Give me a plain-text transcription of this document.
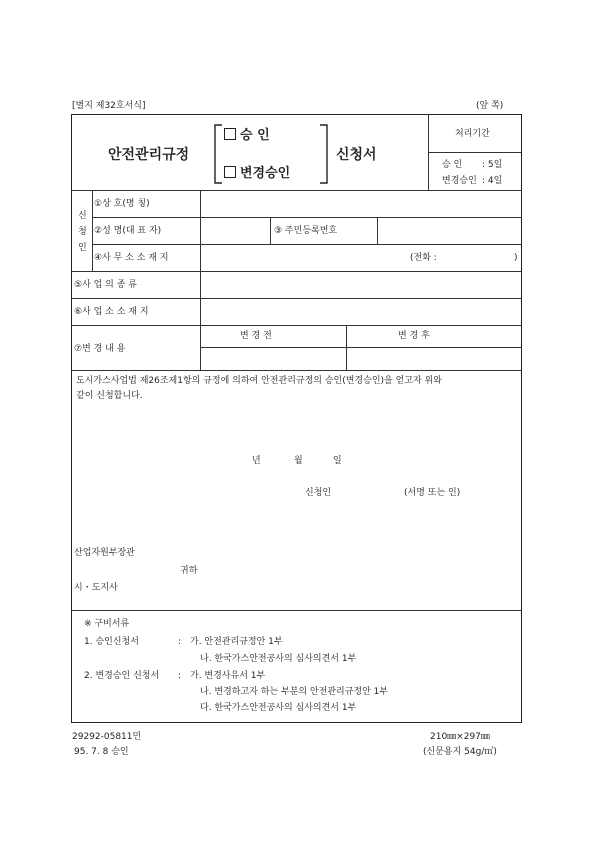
[별지 제32호서식]	(앞 쪽)
안전관리규정
승 인
변경승인
신청서
처리기간
승 인 : 5일
변경승인 : 4일
신
청
인
①상 호(명 칭)
②성 명(대 표 자)	③ 주민등록번호
④사 무 소 소 재 지	(전화 :	)
⑤사 업 의 종 류
⑥사 업 소 소 재 지
⑦변 경 내 용
변 경 전	변 경 후
도시가스사업법 제26조제1항의 규정에 의하여 안전관리규정의 승인(변경승인)을 얻고자 위와
같이 신청합니다.
년	월	일
신청인	(서명 또는 인)
산업자원부장관
귀하
시・도지사
※ 구비서류
1. 승인신청서	: 가. 안전관리규정안 1부
나. 한국가스안전공사의 심사의견서 1부
2. 변경승인 신청서 : 가. 변경사유서 1부
나. 변경하고자 하는 부분의 안전관리규정안 1부
다. 한국가스안전공사의 심사의견서 1부
29292-05811민
95. 7. 8 승인
210㎜×297㎜
(신문용지 54g/㎡)
